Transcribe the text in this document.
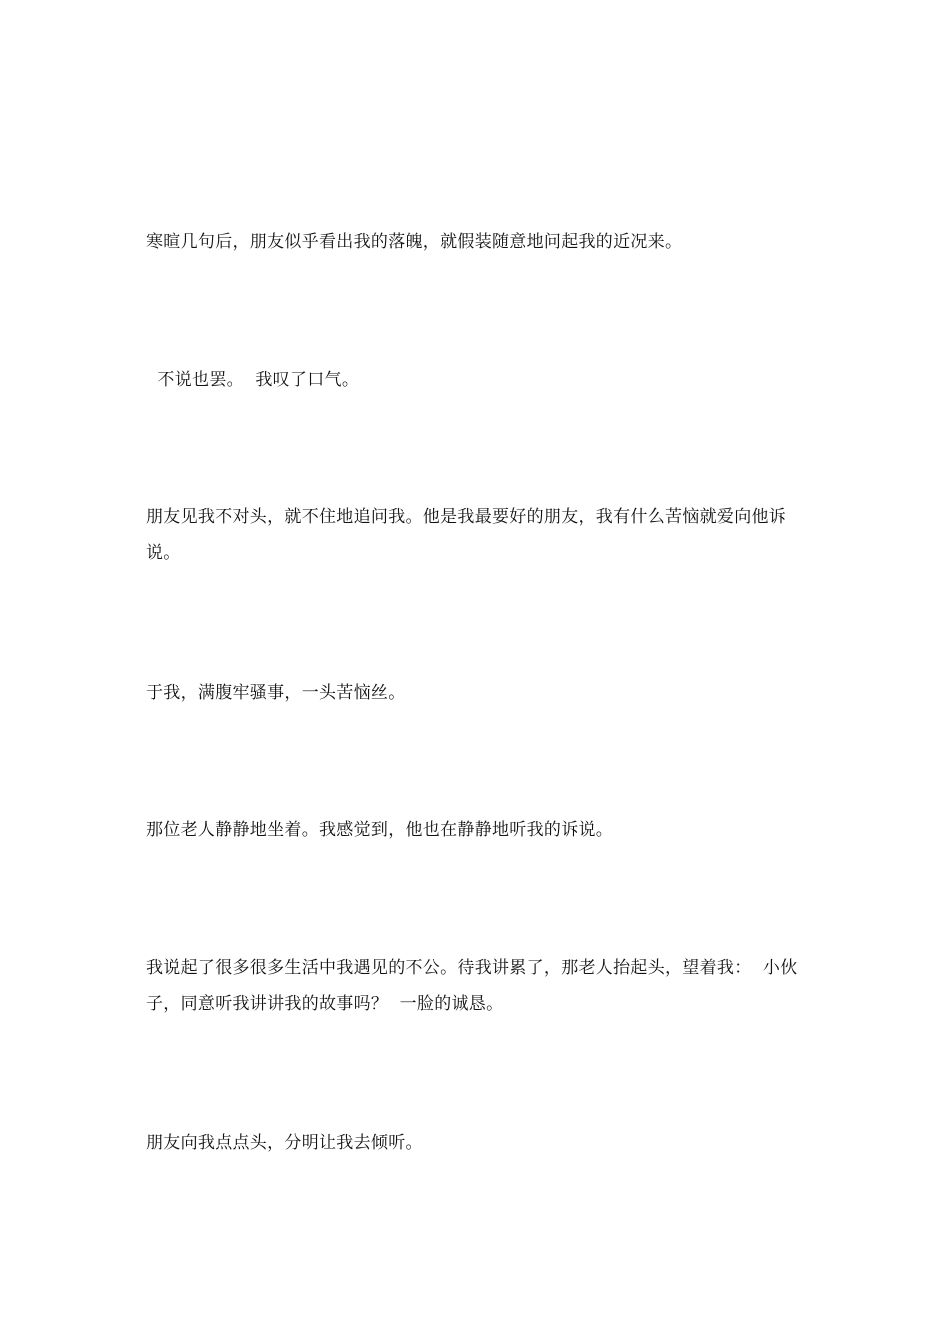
寒暄几句后，朋友似乎看出我的落魄，就假装随意地问起我的近况来。

不说也罢。  我叹了口气。

朋友见我不对头，就不住地追问我。他是我最要好的朋友，我有什么苦恼就爱向他诉说。

于我，满腹牢骚事，一头苦恼丝。

那位老人静静地坐着。我感觉到，他也在静静地听我的诉说。

我说起了很多很多生活中我遇见的不公。待我讲累了，那老人抬起头，望着我：  小伙子，同意听我讲讲我的故事吗？  一脸的诚恳。

朋友向我点点头，分明让我去倾听。
